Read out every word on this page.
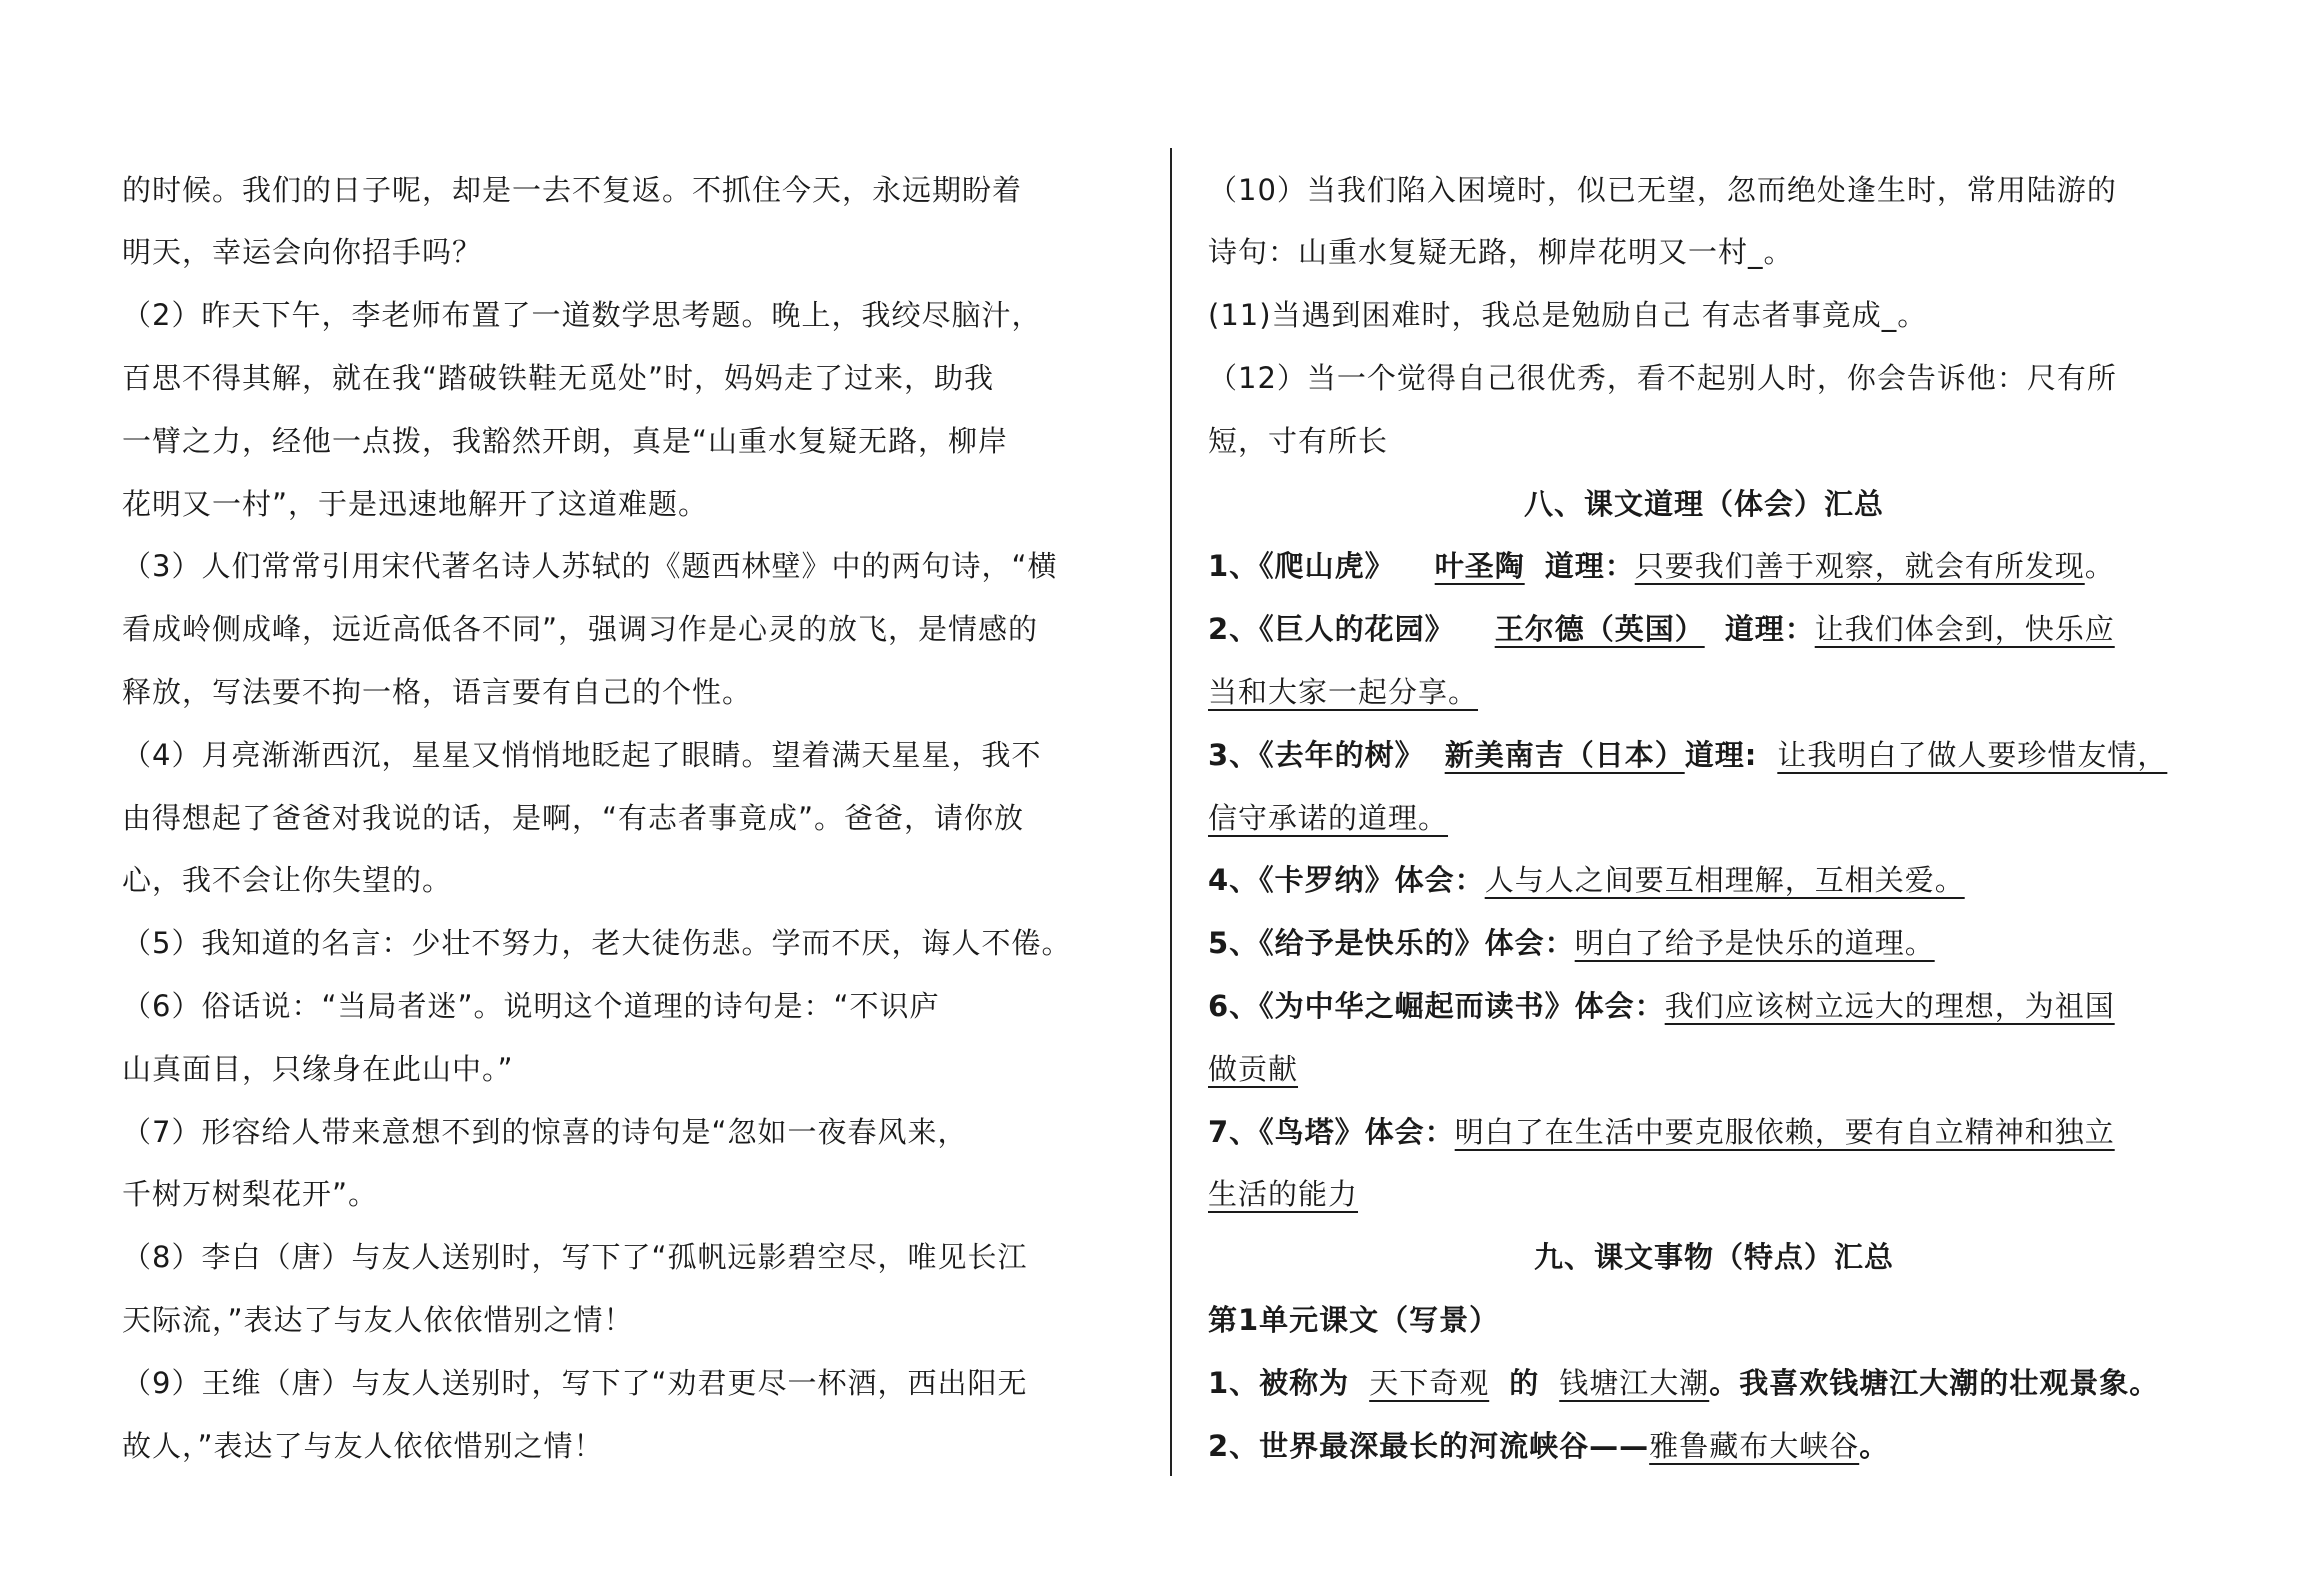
的时候。我们的日子呢，却是一去不复返。不抓住今天，永远期盼着
明天，幸运会向你招手吗？
（2）昨天下午，李老师布置了一道数学思考题。晚上，我绞尽脑汁，
百思不得其解，就在我“踏破铁鞋无觅处”时，妈妈走了过来，助我
一臂之力，经他一点拨，我豁然开朗，真是“山重水复疑无路，柳岸
花明又一村”，于是迅速地解开了这道难题。
（3）人们常常引用宋代著名诗人苏轼的《题西林壁》中的两句诗，“横
看成岭侧成峰，远近高低各不同”，强调习作是心灵的放飞，是情感的
释放，写法要不拘一格，语言要有自己的个性。
（4）月亮渐渐西沉，星星又悄悄地眨起了眼睛。望着满天星星，我不
由得想起了爸爸对我说的话，是啊，“有志者事竟成”。爸爸，请你放
心，我不会让你失望的。
（5）我知道的名言：少壮不努力，老大徒伤悲。学而不厌，诲人不倦。
（6）俗话说：“当局者迷”。说明这个道理的诗句是：“不识庐
山真面目，只缘身在此山中。”
（7）形容给人带来意想不到的惊喜的诗句是“忽如一夜春风来，
千树万树梨花开”。
（8）李白（唐）与友人送别时，写下了“孤帆远影碧空尽，唯见长江
天际流，”表达了与友人依依惜别之情！
（9）王维（唐）与友人送别时，写下了“劝君更尽一杯酒，西出阳无
故人，”表达了与友人依依惜别之情！
（10）当我们陷入困境时，似已无望，忽而绝处逢生时，常用陆游的
诗句：山重水复疑无路，柳岸花明又一村_。
(11)当遇到困难时，我总是勉励自己 有志者事竟成_。
（12）当一个觉得自己很优秀，看不起别人时，你会告诉他：尺有所
短，寸有所长
八、课文道理（体会）汇总
1、《爬山虎》 叶圣陶 道理：只要我们善于观察，就会有所发现。
2、《巨人的花园》 王尔德（英国） 道理：让我们体会到，快乐应
当和大家一起分享。
3、《去年的树》 新美南吉（日本）道理: 让我明白了做人要珍惜友情，
信守承诺的道理。
4、《卡罗纳》体会：人与人之间要互相理解，互相关爱。
5、《给予是快乐的》体会：明白了给予是快乐的道理。
6、《为中华之崛起而读书》体会：我们应该树立远大的理想，为祖国
做贡献
7、《鸟塔》体会：明白了在生活中要克服依赖，要有自立精神和独立
生活的能力
九、课文事物（特点）汇总
第1单元课文（写景）
1、被称为 天下奇观 的 钱塘江大潮。我喜欢钱塘江大潮的壮观景象。
2、世界最深最长的河流峡谷——雅鲁藏布大峡谷。
